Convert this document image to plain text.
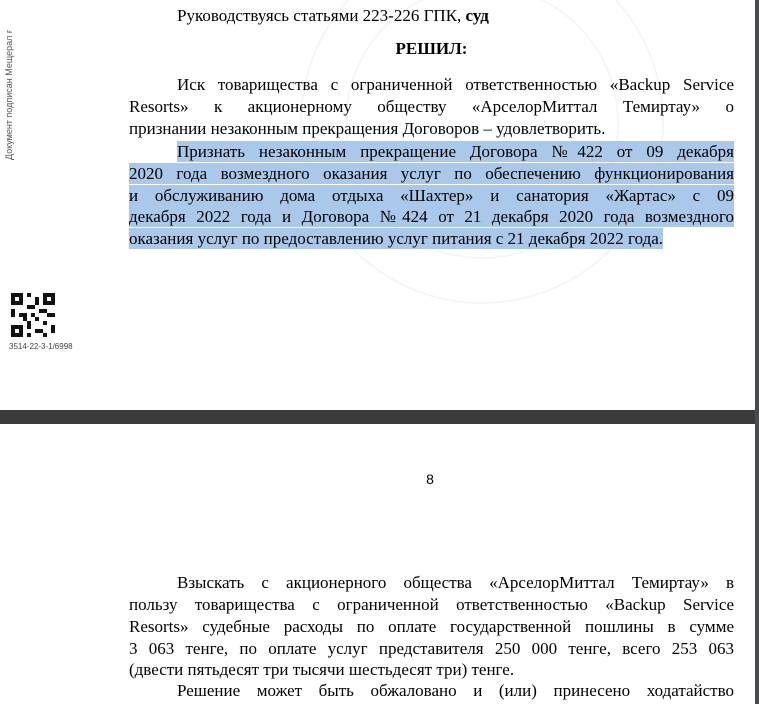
Документ подписан Мещерал ғ
3514-22-3-1/6998
Руководствуясь статьями 223-226 ГПК, суд
РЕШИЛ:
Иск товарищества с ограниченной ответственностью «Backup Service
Resorts» к акционерному обществу «АрселорМиттал Темиртау» о
признании незаконным прекращения Договоров – удовлетворить.
Признать незаконным прекращение Договора №422 от 09 декабря
2020 года возмездного оказания услуг по обеспечению функционирования
и обслуживанию дома отдыха «Шахтер» и санатория «Жартас» с 09
декабря 2022 года и Договора №424 от 21 декабря 2020 года возмездного
оказания услуг по предоставлению услуг питания с 21 декабря 2022 года.
8
Взыскать с акционерного общества «АрселорМиттал Темиртау» в
пользу товарищества с ограниченной ответственностью «Backup Service
Resorts» судебные расходы по оплате государственной пошлины в сумме
3 063 тенге, по оплате услуг представителя 250 000 тенге, всего 253 063
(двести пятьдесят три тысячи шестьдесят три) тенге.
Решение может быть обжаловано и (или) принесено ходатайство
